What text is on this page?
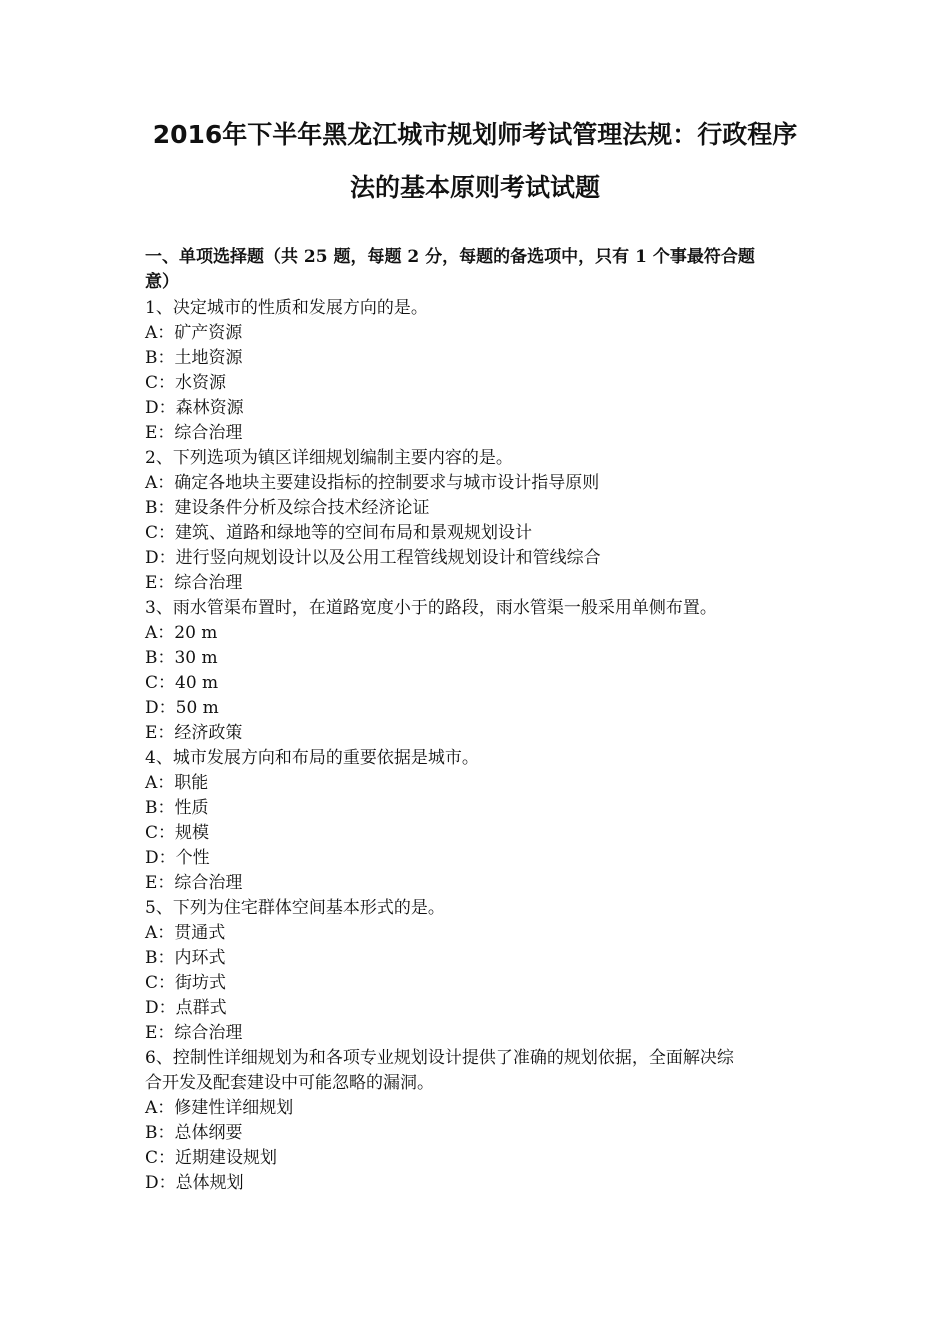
2016年下半年黑龙江城市规划师考试管理法规：行政程序
法的基本原则考试试题
一、单项选择题（共 25 题，每题 2 分，每题的备选项中，只有 1 个事最符合题
意）
1、决定城市的性质和发展方向的是。
A：矿产资源
B：土地资源
C：水资源
D：森林资源
E：综合治理
2、下列选项为镇区详细规划编制主要内容的是。
A：确定各地块主要建设指标的控制要求与城市设计指导原则
B：建设条件分析及综合技术经济论证
C：建筑、道路和绿地等的空间布局和景观规划设计
D：进行竖向规划设计以及公用工程管线规划设计和管线综合
E：综合治理
3、雨水管渠布置时，在道路宽度小于的路段，雨水管渠一般采用单侧布置。
A：20 m
B：30 m
C：40 m
D：50 m
E：经济政策
4、城市发展方向和布局的重要依据是城市。
A：职能
B：性质
C：规模
D：个性
E：综合治理
5、下列为住宅群体空间基本形式的是。
A：贯通式
B：内环式
C：街坊式
D：点群式
E：综合治理
6、控制性详细规划为和各项专业规划设计提供了准确的规划依据，全面解决综
合开发及配套建设中可能忽略的漏洞。
A：修建性详细规划
B：总体纲要
C：近期建设规划
D：总体规划
